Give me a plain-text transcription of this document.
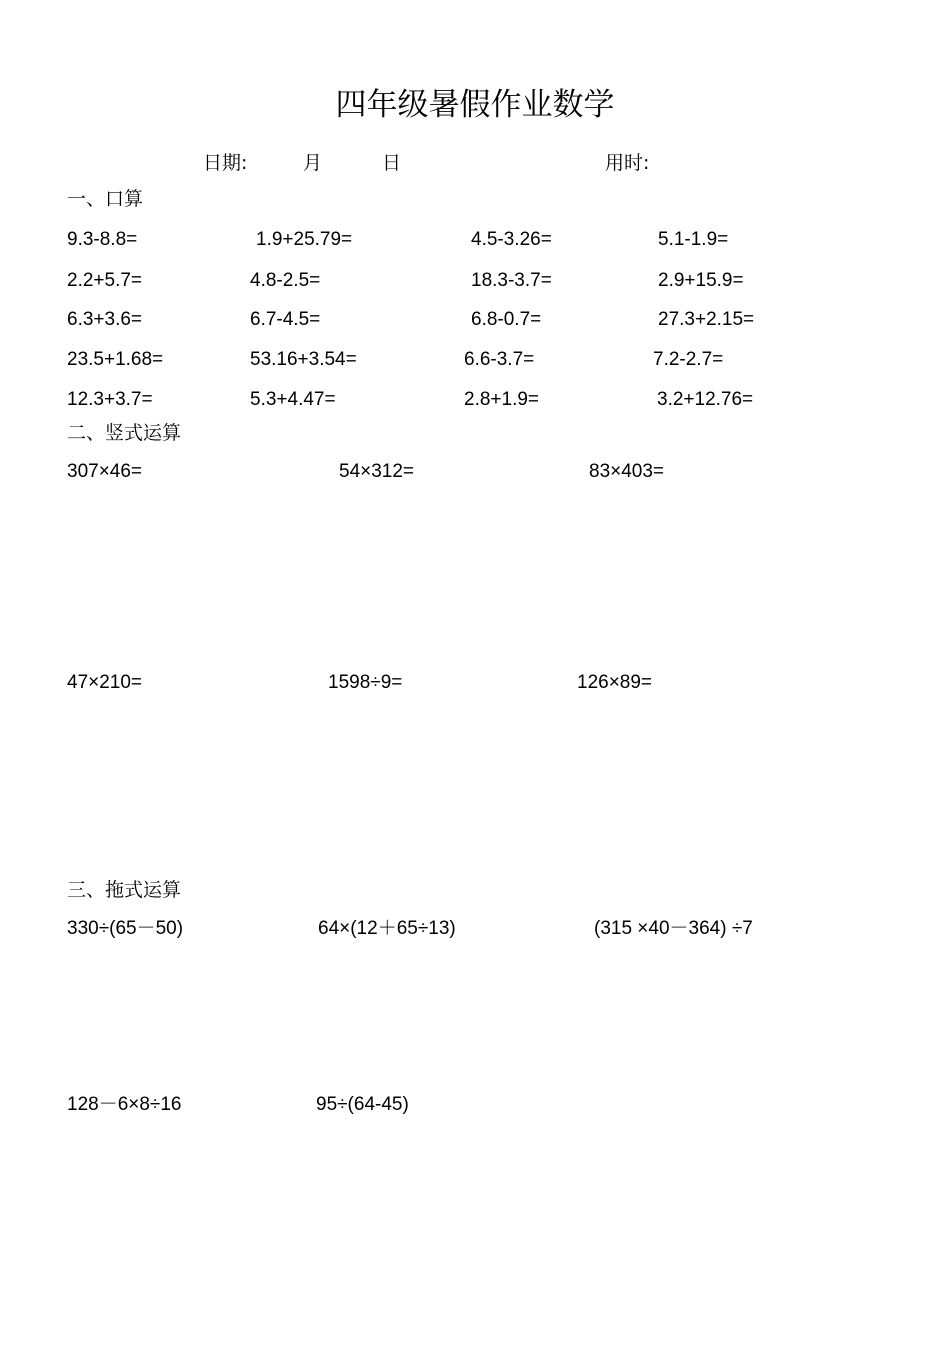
四年级暑假作业数学
日期:	月	日	用时:
一、口算
9.3-8.8=	1.9+25.79=	4.5-3.26=	5.1-1.9=
2.2+5.7=	4.8-2.5=	18.3-3.7=	2.9+15.9=
6.3+3.6=	6.7-4.5=	6.8-0.7=	27.3+2.15=
23.5+1.68=	53.16+3.54=	6.6-3.7=	7.2-2.7=
12.3+3.7=	5.3+4.47=	2.8+1.9=	3.2+12.76=
二、竖式运算
307×46=	54×312=	83×403=
47×210=	1598÷9=	126×89=
三、拖式运算
330÷(65－50)	64×(12＋65÷13)	(315 ×40－364) ÷7
128－6×8÷16	95÷(64-45)
